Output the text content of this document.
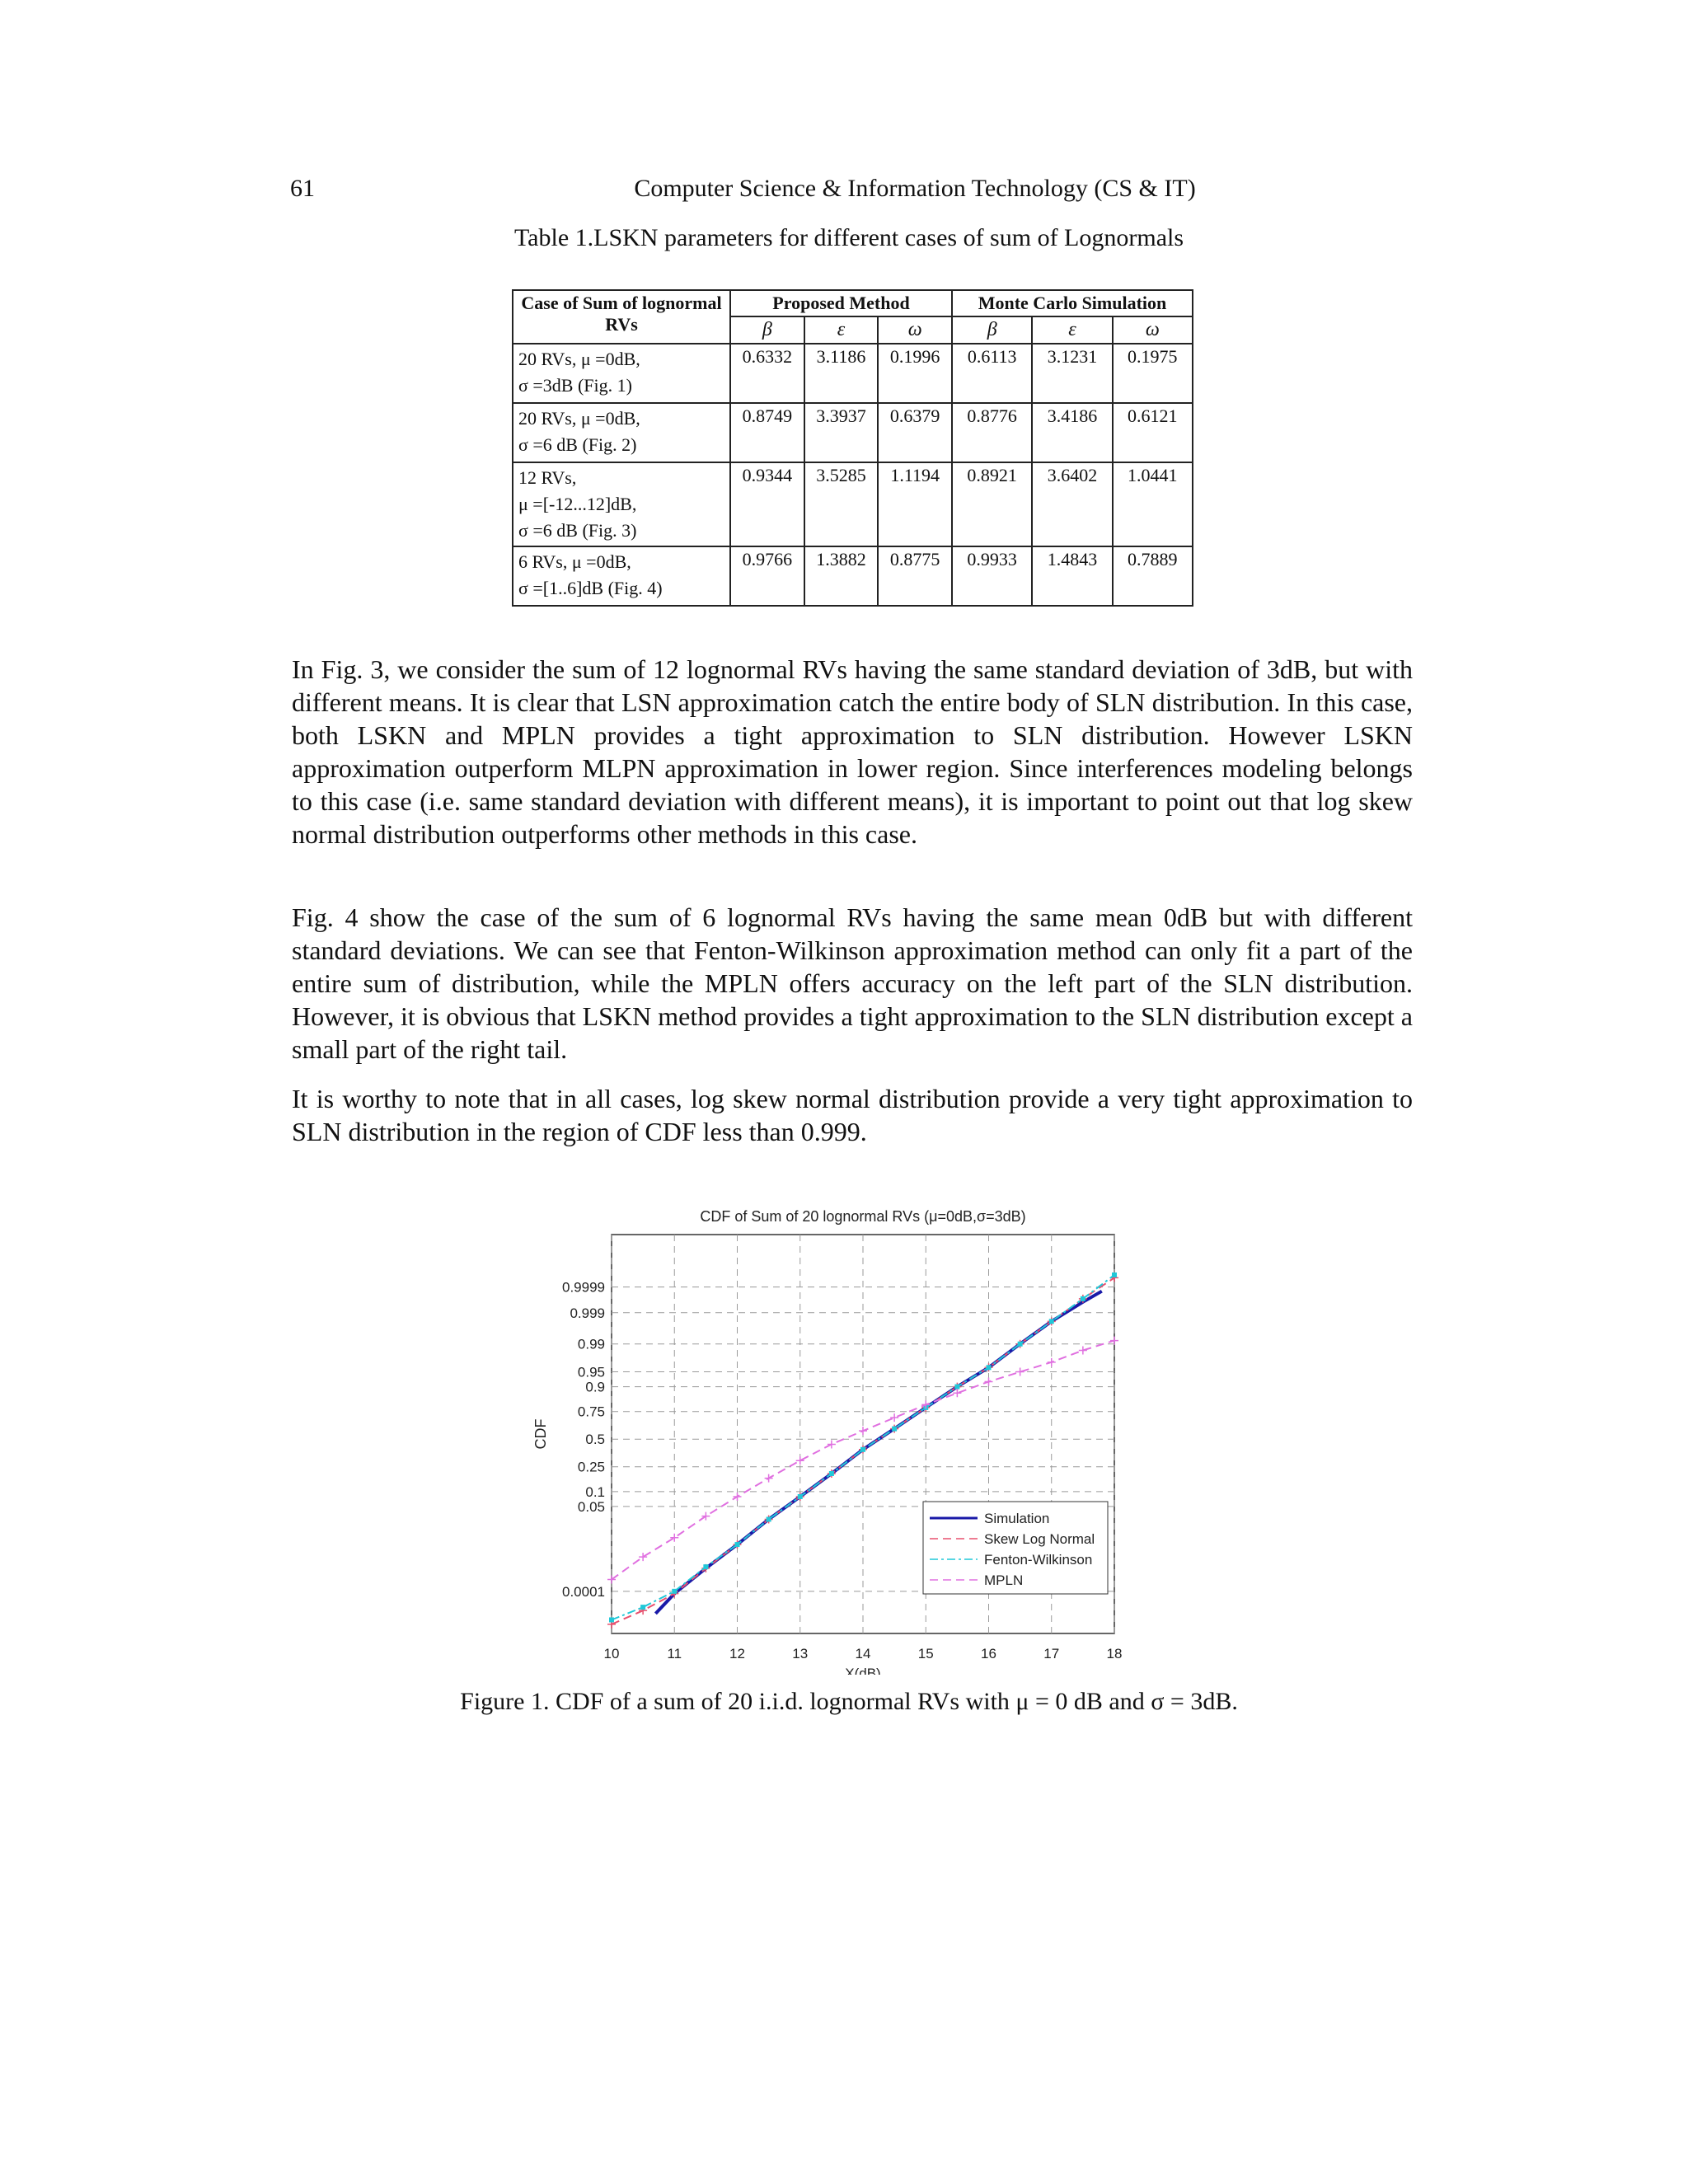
61	Computer Science & Information Technology (CS & IT)
Table 1.LSKN parameters for different cases of sum of Lognormals
Case of Sum of lognormal RVs	Proposed Method			Monte Carlo Simulation		
	β	ε	ω	β	ε	ω

20 RVs, μ =0dB,
σ =3dB (Fig. 1)	0.6332	3.1186	0.1996	0.6113	3.1231	0.1975

20 RVs, μ =0dB,
σ =6 dB (Fig. 2)	0.8749	3.3937	0.6379	0.8776	3.4186	0.6121

12 RVs,
μ =[-12...12]dB,
σ =6 dB (Fig. 3)	0.9344	3.5285	1.1194	0.8921	3.6402	1.0441

6 RVs, μ =0dB,
σ =[1..6]dB (Fig. 4)	0.9766	1.3882	0.8775	0.9933	1.4843	0.7889
In Fig. 3, we consider the sum of 12 lognormal RVs having the same standard deviation of 3dB, but with different means. It is clear that LSN approximation catch the entire body of SLN distribution. In this case, both LSKN and MPLN provides a tight approximation to SLN distribution. However LSKN approximation outperform MLPN approximation in lower region. Since interferences modeling belongs to this case (i.e. same standard deviation with different means), it is important to point out that log skew normal distribution outperforms other methods in this case.
Fig. 4 show the case of the sum of 6 lognormal RVs having the same mean 0dB but with different standard deviations. We can see that Fenton-Wilkinson approximation method can only fit a part of the entire sum of distribution, while the MPLN offers accuracy on the left part of the SLN distribution. However, it is obvious that LSKN method provides a tight approximation to the SLN distribution except a small part of the right tail.
It is worthy to note that in all cases, log skew normal distribution provide a very tight approximation to SLN distribution in the region of CDF less than 0.999.
10	11	12	13	14	15	16	17	18
0.0001
0.05
0.1
0.25
0.5
0.75
0.9
0.95
0.99
0.999
0.9999
CDF of Sum of 20 lognormal RVs (μ=0dB,σ=3dB)
X(dB)
CDF
Simulation
Skew Log Normal
Fenton-Wilkinson
MPLN
Figure 1. CDF of a sum of 20 i.i.d. lognormal RVs with μ = 0 dB and σ = 3dB.
